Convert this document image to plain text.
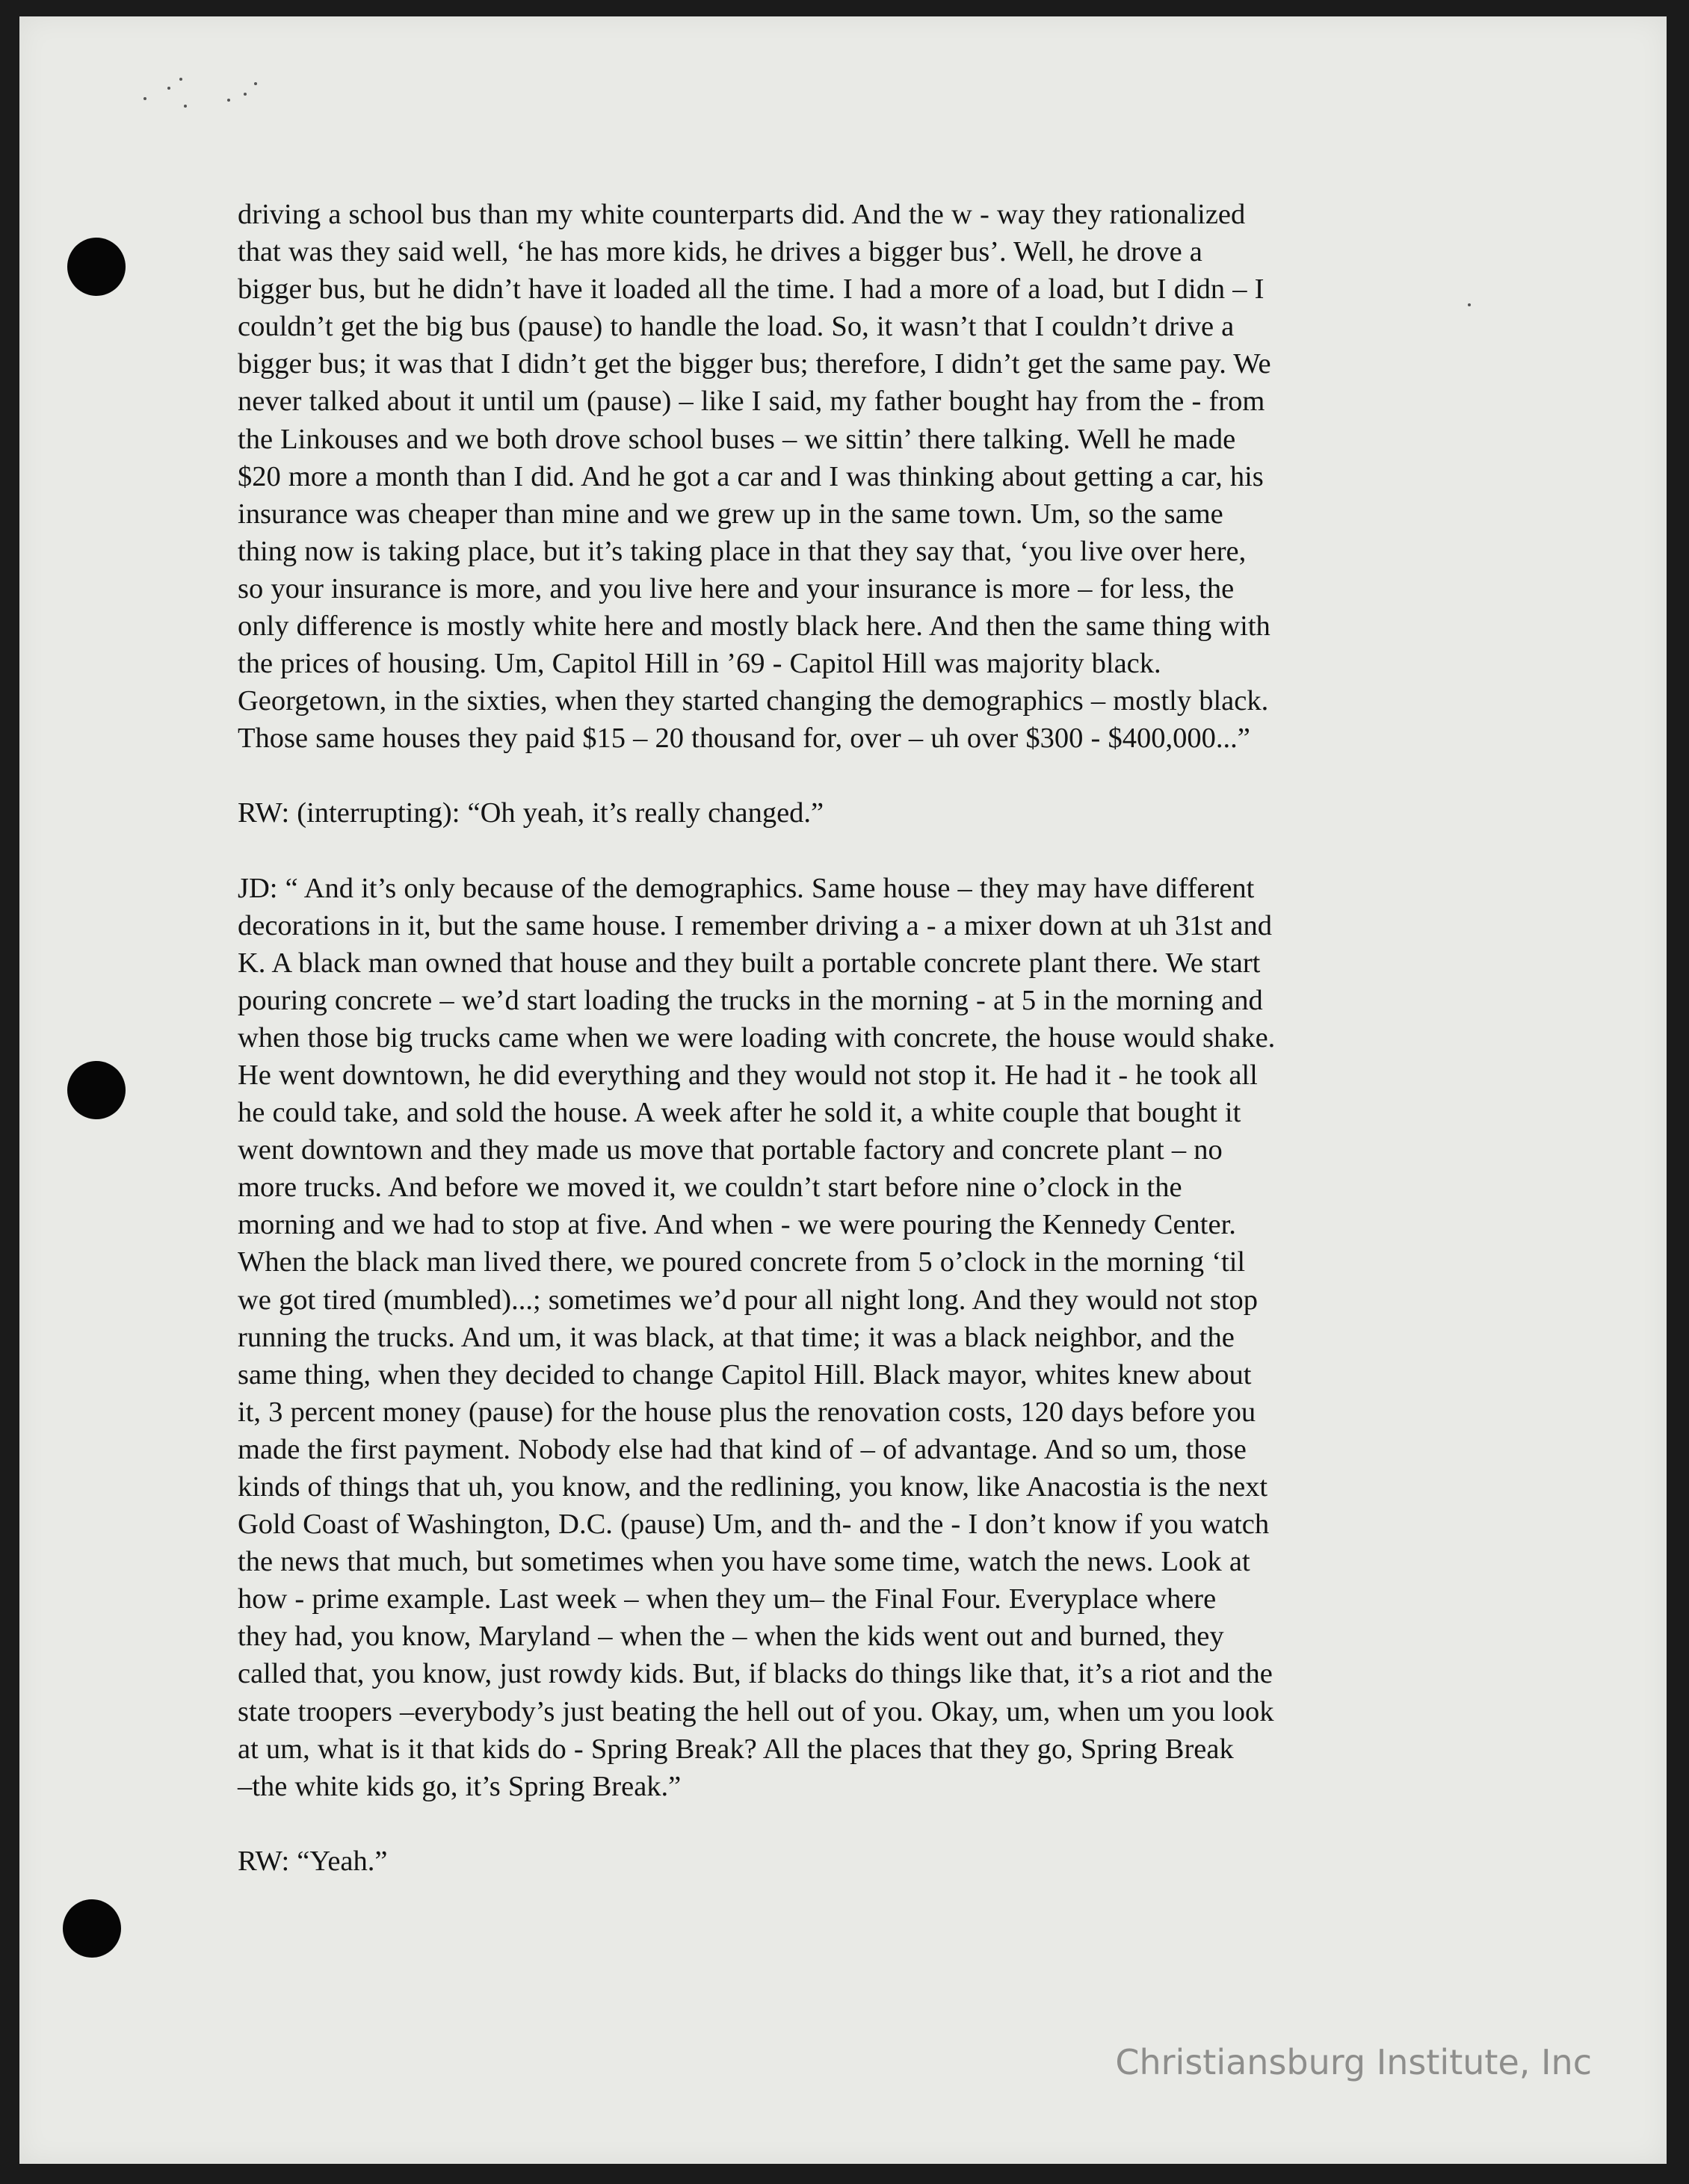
driving a school bus than my white counterparts did. And the w - way they rationalized
that was they said well, ‘he has more kids, he drives a bigger bus’. Well, he drove a
bigger bus, but he didn’t have it loaded all the time. I had a more of a load, but I didn – I
couldn’t get the big bus (pause) to handle the load. So, it wasn’t that I couldn’t drive a
bigger bus; it was that I didn’t get the bigger bus; therefore, I didn’t get the same pay. We
never talked about it until um (pause) – like I said, my father bought hay from the - from
the Linkouses and we both drove school buses – we sittin’ there talking. Well he made
$20 more a month than I did. And he got a car and I was thinking about getting a car, his
insurance was cheaper than mine and we grew up in the same town. Um, so the same
thing now is taking place, but it’s taking place in that they say that, ‘you live over here,
so your insurance is more, and you live here and your insurance is more – for less, the
only difference is mostly white here and mostly black here. And then the same thing with
the prices of housing. Um, Capitol Hill in ’69 - Capitol Hill was majority black.
Georgetown, in the sixties, when they started changing the demographics – mostly black.
Those same houses they paid $15 – 20 thousand for, over – uh over $300 - $400,000...”

RW: (interrupting): “Oh yeah, it’s really changed.”

JD: “ And it’s only because of the demographics. Same house – they may have different
decorations in it, but the same house. I remember driving a - a mixer down at uh 31st and
K. A black man owned that house and they built a portable concrete plant there. We start
pouring concrete – we’d start loading the trucks in the morning - at 5 in the morning and
when those big trucks came when we were loading with concrete, the house would shake.
He went downtown, he did everything and they would not stop it. He had it - he took all
he could take, and sold the house. A week after he sold it, a white couple that bought it
went downtown and they made us move that portable factory and concrete plant – no
more trucks. And before we moved it, we couldn’t start before nine o’clock in the
morning and we had to stop at five. And when - we were pouring the Kennedy Center.
When the black man lived there, we poured concrete from 5 o’clock in the morning ‘til
we got tired (mumbled)...; sometimes we’d pour all night long. And they would not stop
running the trucks. And um, it was black, at that time; it was a black neighbor, and the
same thing, when they decided to change Capitol Hill. Black mayor, whites knew about
it, 3 percent money (pause) for the house plus the renovation costs, 120 days before you
made the first payment. Nobody else had that kind of – of advantage. And so um, those
kinds of things that uh, you know, and the redlining, you know, like Anacostia is the next
Gold Coast of Washington, D.C. (pause) Um, and th- and the - I don’t know if you watch
the news that much, but sometimes when you have some time, watch the news. Look at
how - prime example. Last week – when they um– the Final Four. Everyplace where
they had, you know, Maryland – when the – when the kids went out and burned, they
called that, you know, just rowdy kids. But, if blacks do things like that, it’s a riot and the
state troopers –everybody’s just beating the hell out of you. Okay, um, when um you look
at um, what is it that kids do - Spring Break? All the places that they go, Spring Break
–the white kids go, it’s Spring Break.”

RW: “Yeah.”

Christiansburg Institute, Inc
